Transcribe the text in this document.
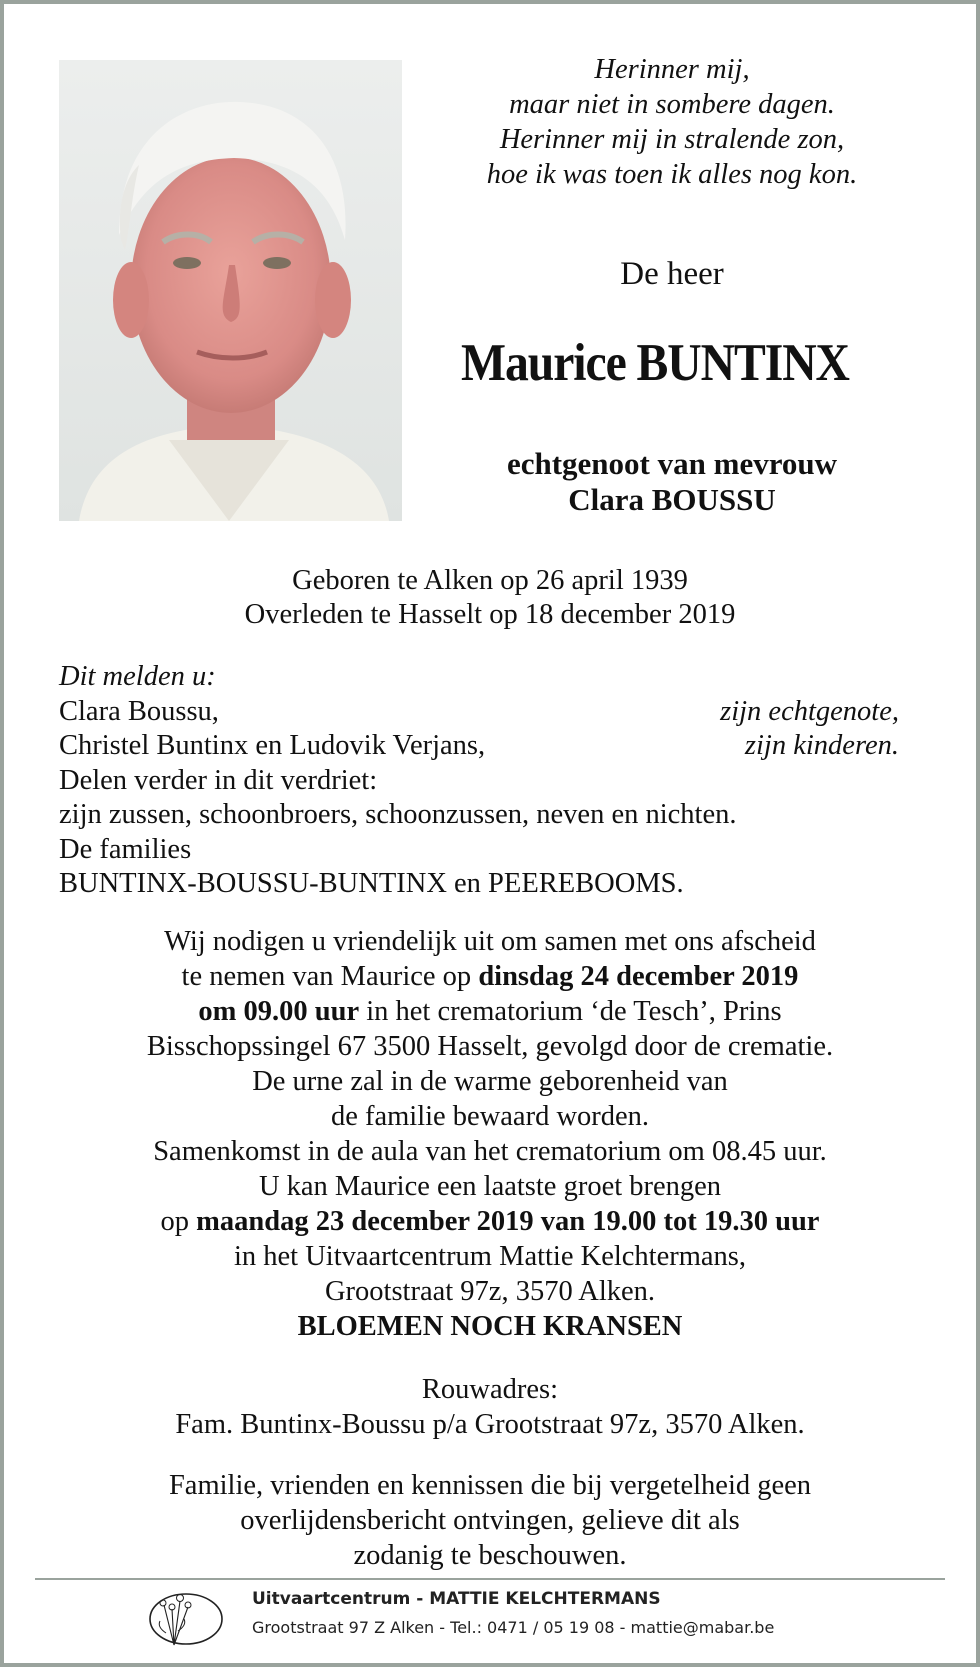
Herinner mij,
maar niet in sombere dagen.
Herinner mij in stralende zon,
hoe ik was toen ik alles nog kon.
De heer
Maurice BUNTINX
echtgenoot van mevrouw
Clara BOUSSU
Geboren te Alken op 26 april 1939
Overleden te Hasselt op 18 december 2019
Dit melden u:
Clara Boussu,	zijn echtgenote,
Christel Buntinx en Ludovik Verjans,	zijn kinderen.
Delen verder in dit verdriet:
zijn zussen, schoonbroers, schoonzussen, neven en nichten.
De families
BUNTINX-BOUSSU-BUNTINX en PEEREBOOMS.
Wij nodigen u vriendelijk uit om samen met ons afscheid
te nemen van Maurice op dinsdag 24 december 2019
om 09.00 uur in het crematorium ‘de Tesch’, Prins
Bisschopssingel 67 3500 Hasselt, gevolgd door de crematie.
De urne zal in de warme geborenheid van
de familie bewaard worden.
Samenkomst in de aula van het crematorium om 08.45 uur.
U kan Maurice een laatste groet brengen
op maandag 23 december 2019 van 19.00 tot 19.30 uur
in het Uitvaartcentrum Mattie Kelchtermans,
Grootstraat 97z, 3570 Alken.
BLOEMEN NOCH KRANSEN
Rouwadres:
Fam. Buntinx-Boussu p/a Grootstraat 97z, 3570 Alken.
Familie, vrienden en kennissen die bij vergetelheid geen
overlijdensbericht ontvingen, gelieve dit als
zodanig te beschouwen.
Uitvaartcentrum - MATTIE KELCHTERMANS
Grootstraat 97 Z Alken - Tel.: 0471 / 05 19 08 - mattie@mabar.be
